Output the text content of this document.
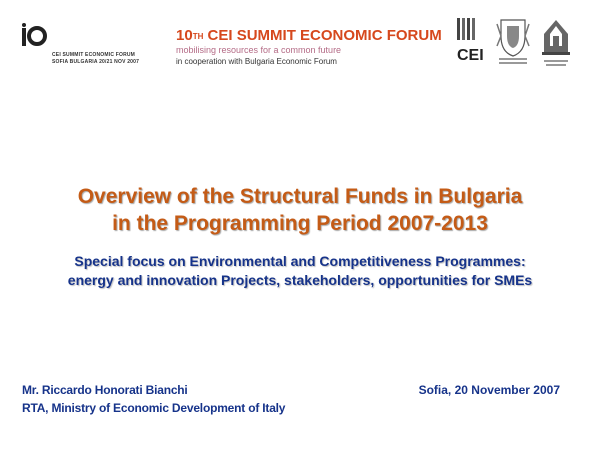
CEI SUMMIT ECONOMIC FORUM
SOFIA BULGARIA 20/21 NOV 2007
10TH CEI SUMMIT ECONOMIC FORUM
mobilising resources for a common future
in cooperation with Bulgaria Economic Forum	CEI
Overview of the Structural Funds in Bulgaria
in the Programming Period 2007-2013
Special focus on Environmental and Competitiveness Programmes:
energy and innovation Projects, stakeholders, opportunities for SMEs
Mr. Riccardo Honorati Bianchi
RTA, Ministry of Economic Development of Italy
Sofia, 20 November 2007
